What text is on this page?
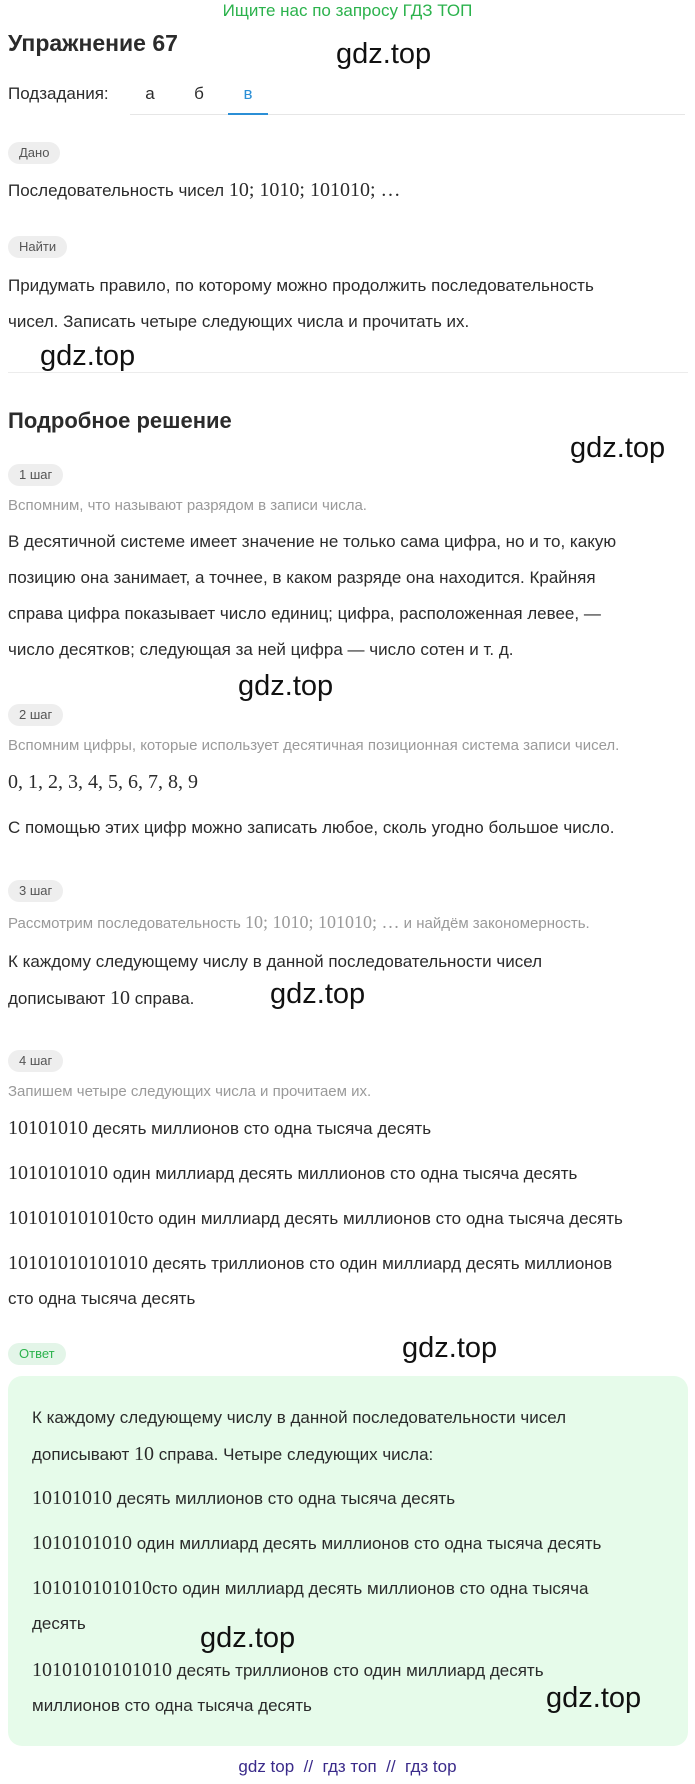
Ищите нас по запросу ГДЗ ТОП
Упражнение 67	gdz.top
Подзадания:	а	б	в
Дано
Последовательность чисел 10; 1010; 101010; …
Найти
Придумать правило, по которому можно продолжить последовательность
чисел. Записать четыре следующих числа и прочитать их.
gdz.top
Подробное решение
gdz.top
1 шаг
Вспомним, что называют разрядом в записи числа.
В десятичной системе имеет значение не только сама цифра, но и то, какую
позицию она занимает, а точнее, в каком разряде она находится. Крайняя
справа цифра показывает число единиц; цифра, расположенная левее, —
число десятков; следующая за ней цифра — число сотен и т. д.
gdz.top
2 шаг
Вспомним цифры, которые использует десятичная позиционная система записи чисел.
0, 1, 2, 3, 4, 5, 6, 7, 8, 9
С помощью этих цифр можно записать любое, сколь угодно большое число.
3 шаг
Рассмотрим последовательность 10; 1010; 101010; … и найдём закономерность.
К каждому следующему числу в данной последовательности чисел
дописывают 10 справа.	gdz.top
4 шаг
Запишем четыре следующих числа и прочитаем их.
10101010 десять миллионов сто одна тысяча десять
1010101010 один миллиард десять миллионов сто одна тысяча десять
101010101010сто один миллиард десять миллионов сто одна тысяча десять
10101010101010 десять триллионов сто один миллиард десять миллионов
сто одна тысяча десять
Ответ	gdz.top
К каждому следующему числу в данной последовательности чисел
дописывают 10 справа. Четыре следующих числа:
10101010 десять миллионов сто одна тысяча десять
1010101010 один миллиард десять миллионов сто одна тысяча десять
101010101010сто один миллиард десять миллионов сто одна тысяча
десять	gdz.top
10101010101010 десять триллионов сто один миллиард десять
миллионов сто одна тысяча десять	gdz.top
gdz top // гдз топ // гдз top
